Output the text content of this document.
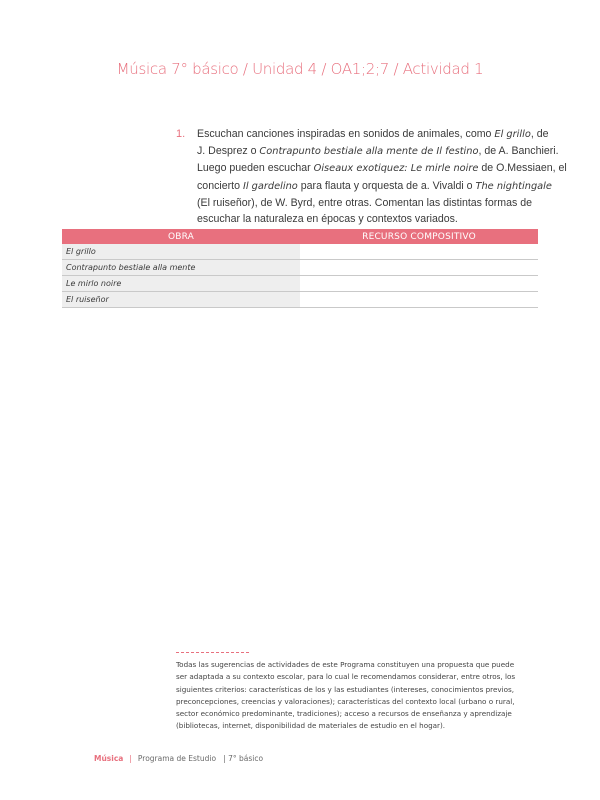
Música 7° básico / Unidad 4 / OA1;2;7 / Actividad 1
1. Escuchan canciones inspiradas en sonidos de animales, como El grillo, de
J. Desprez o Contrapunto bestiale alla mente de Il festino, de A. Banchieri.
Luego pueden escuchar Oiseaux exotiquez: Le mirle noire de O.Messiaen, el
concierto Il gardelino para flauta y orquesta de a. Vivaldi o The nightingale
(El ruiseñor), de W. Byrd, entre otras. Comentan las distintas formas de
escuchar la naturaleza en épocas y contextos variados.
OBRA	RECURSO COMPOSITIVO
El grillo	
Contrapunto bestiale alla mente	
Le mirlo noire	
El ruiseñor	
Todas las sugerencias de actividades de este Programa constituyen una propuesta que puede
ser adaptada a su contexto escolar, para lo cual le recomendamos considerar, entre otros, los
siguientes criterios: características de los y las estudiantes (intereses, conocimientos previos,
preconcepciones, creencias y valoraciones); características del contexto local (urbano o rural,
sector económico predominante, tradiciones); acceso a recursos de enseñanza y aprendizaje
(bibliotecas, internet, disponibilidad de materiales de estudio en el hogar).
Música | Programa de Estudio | 7° básico
